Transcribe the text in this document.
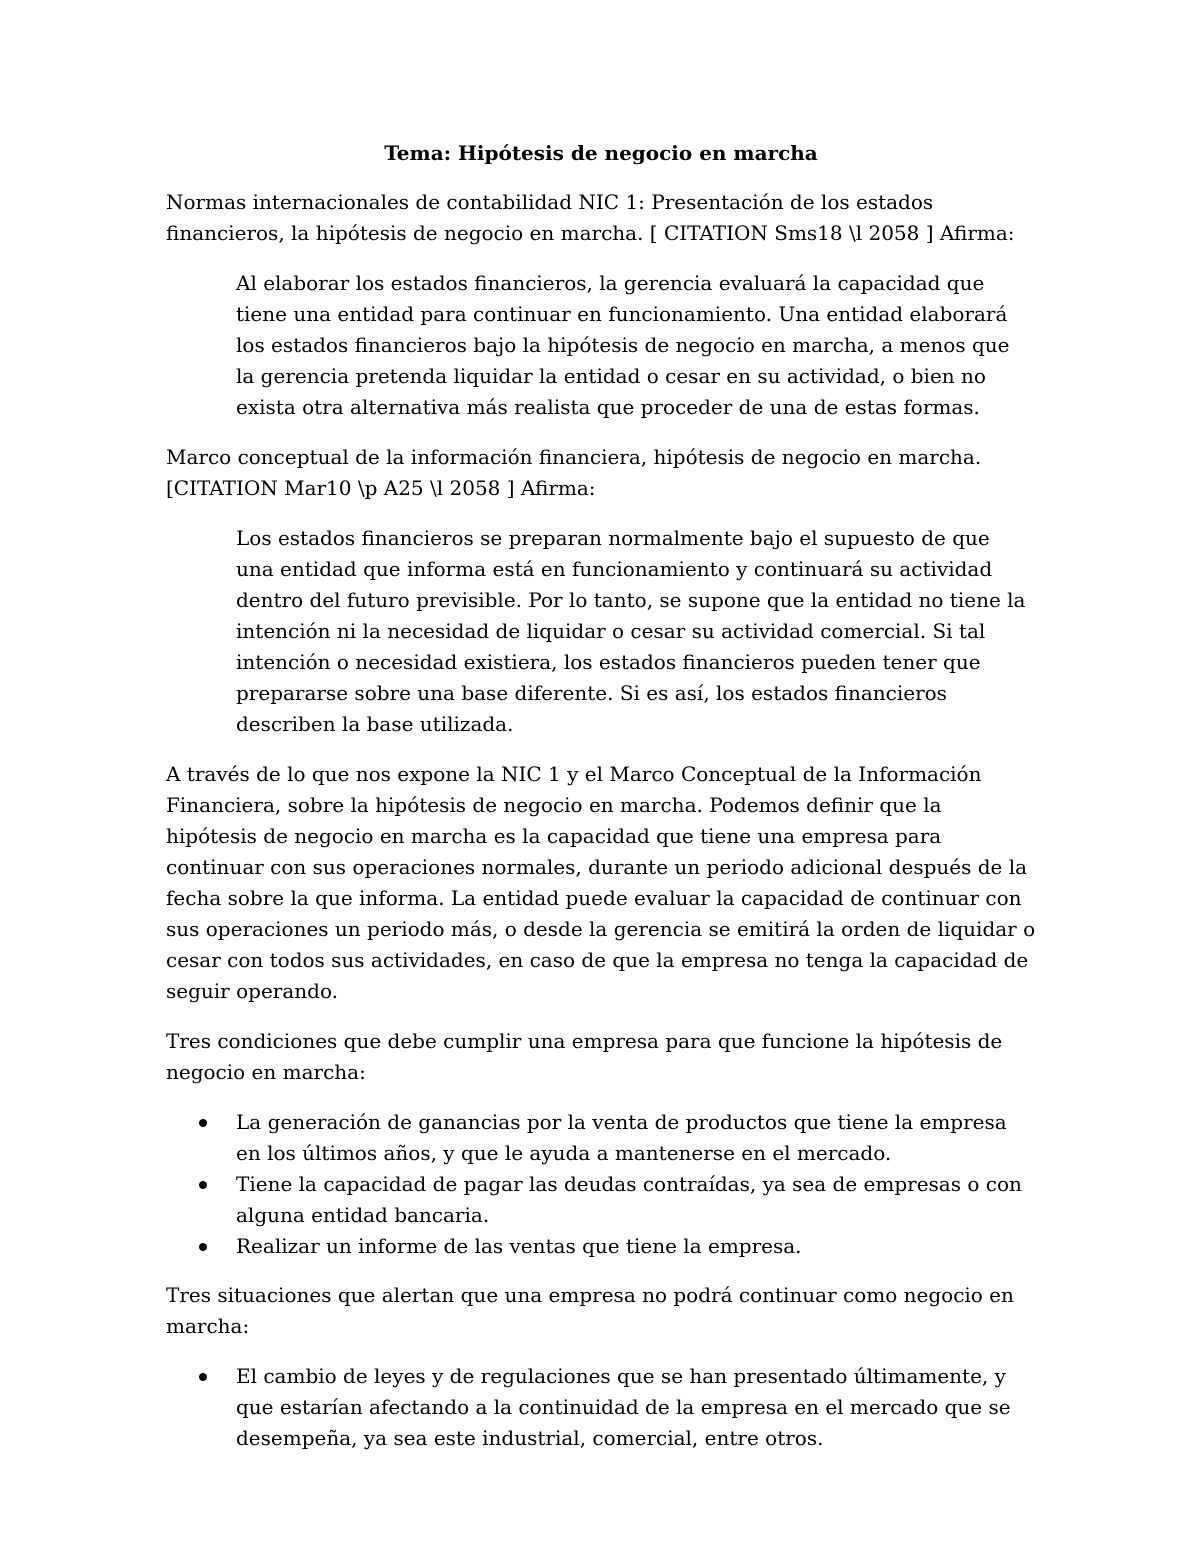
Tema: Hipótesis de negocio en marcha

Normas internacionales de contabilidad NIC 1: Presentación de los estados financieros, la hipótesis de negocio en marcha. [ CITATION Sms18 \l 2058 ] Afirma:

Al elaborar los estados financieros, la gerencia evaluará la capacidad que tiene una entidad para continuar en funcionamiento. Una entidad elaborará los estados financieros bajo la hipótesis de negocio en marcha, a menos que la gerencia pretenda liquidar la entidad o cesar en su actividad, o bien no exista otra alternativa más realista que proceder de una de estas formas.

Marco conceptual de la información financiera, hipótesis de negocio en marcha. [CITATION Mar10 \p A25 \l 2058 ] Afirma:

Los estados financieros se preparan normalmente bajo el supuesto de que una entidad que informa está en funcionamiento y continuará su actividad dentro del futuro previsible. Por lo tanto, se supone que la entidad no tiene la intención ni la necesidad de liquidar o cesar su actividad comercial. Si tal intención o necesidad existiera, los estados financieros pueden tener que prepararse sobre una base diferente. Si es así, los estados financieros describen la base utilizada.

A través de lo que nos expone la NIC 1 y el Marco Conceptual de la Información Financiera, sobre la hipótesis de negocio en marcha. Podemos definir que la hipótesis de negocio en marcha es la capacidad que tiene una empresa para continuar con sus operaciones normales, durante un periodo adicional después de la fecha sobre la que informa. La entidad puede evaluar la capacidad de continuar con sus operaciones un periodo más, o desde la gerencia se emitirá la orden de liquidar o cesar con todos sus actividades, en caso de que la empresa no tenga la capacidad de seguir operando.

Tres condiciones que debe cumplir una empresa para que funcione la hipótesis de negocio en marcha:

La generación de ganancias por la venta de productos que tiene la empresa en los últimos años, y que le ayuda a mantenerse en el mercado.
Tiene la capacidad de pagar las deudas contraídas, ya sea de empresas o con alguna entidad bancaria.
Realizar un informe de las ventas que tiene la empresa.

Tres situaciones que alertan que una empresa no podrá continuar como negocio en marcha:

El cambio de leyes y de regulaciones que se han presentado últimamente, y que estarían afectando a la continuidad de la empresa en el mercado que se desempeña, ya sea este industrial, comercial, entre otros.
